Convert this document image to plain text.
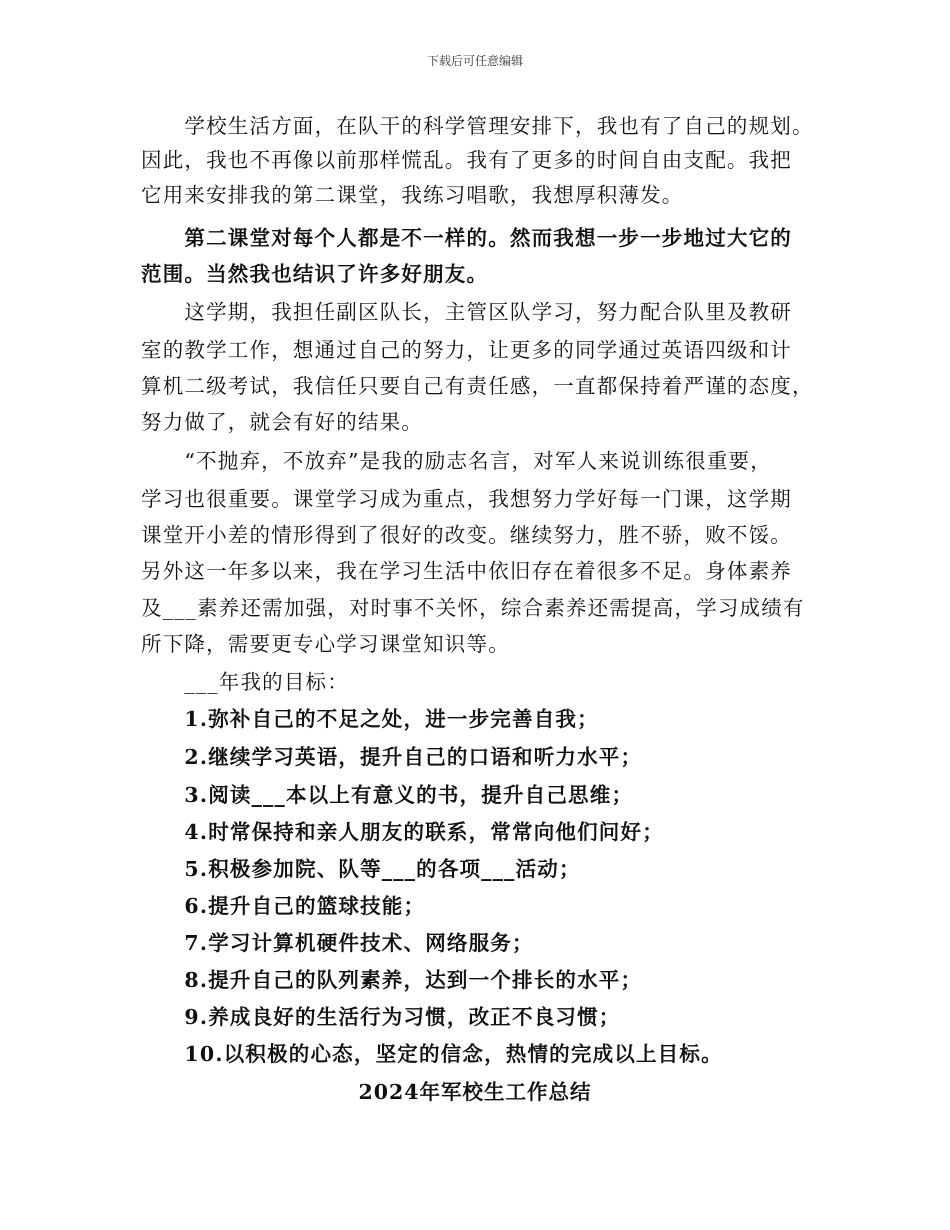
下载后可任意编辑
　　学校生活方面，在队干的科学管理安排下，我也有了自己的规划。
因此，我也不再像以前那样慌乱。我有了更多的时间自由支配。我把
它用来安排我的第二课堂，我练习唱歌，我想厚积薄发。
　　第二课堂对每个人都是不一样的。然而我想一步一步地过大它的
范围。当然我也结识了许多好朋友。
　　这学期，我担任副区队长，主管区队学习，努力配合队里及教研
室的教学工作，想通过自己的努力，让更多的同学通过英语四级和计
算机二级考试，我信任只要自己有责任感，一直都保持着严谨的态度，
努力做了，就会有好的结果。
　　“不抛弃，不放弃”是我的励志名言，对军人来说训练很重要，
学习也很重要。课堂学习成为重点，我想努力学好每一门课，这学期
课堂开小差的情形得到了很好的改变。继续努力，胜不骄，败不馁。
另外这一年多以来，我在学习生活中依旧存在着很多不足。身体素养
及___素养还需加强，对时事不关怀，综合素养还需提高，学习成绩有
所下降，需要更专心学习课堂知识等。
　　___年我的目标：
　　1.弥补自己的不足之处，进一步完善自我；
　　2.继续学习英语，提升自己的口语和听力水平；
　　3.阅读___本以上有意义的书，提升自己思维；
　　4.时常保持和亲人朋友的联系，常常向他们问好；
　　5.积极参加院、队等___的各项___活动；
　　6.提升自己的篮球技能；
　　7.学习计算机硬件技术、网络服务；
　　8.提升自己的队列素养，达到一个排长的水平；
　　9.养成良好的生活行为习惯，改正不良习惯；
　　10.以积极的心态，坚定的信念，热情的完成以上目标。
2024年军校生工作总结
